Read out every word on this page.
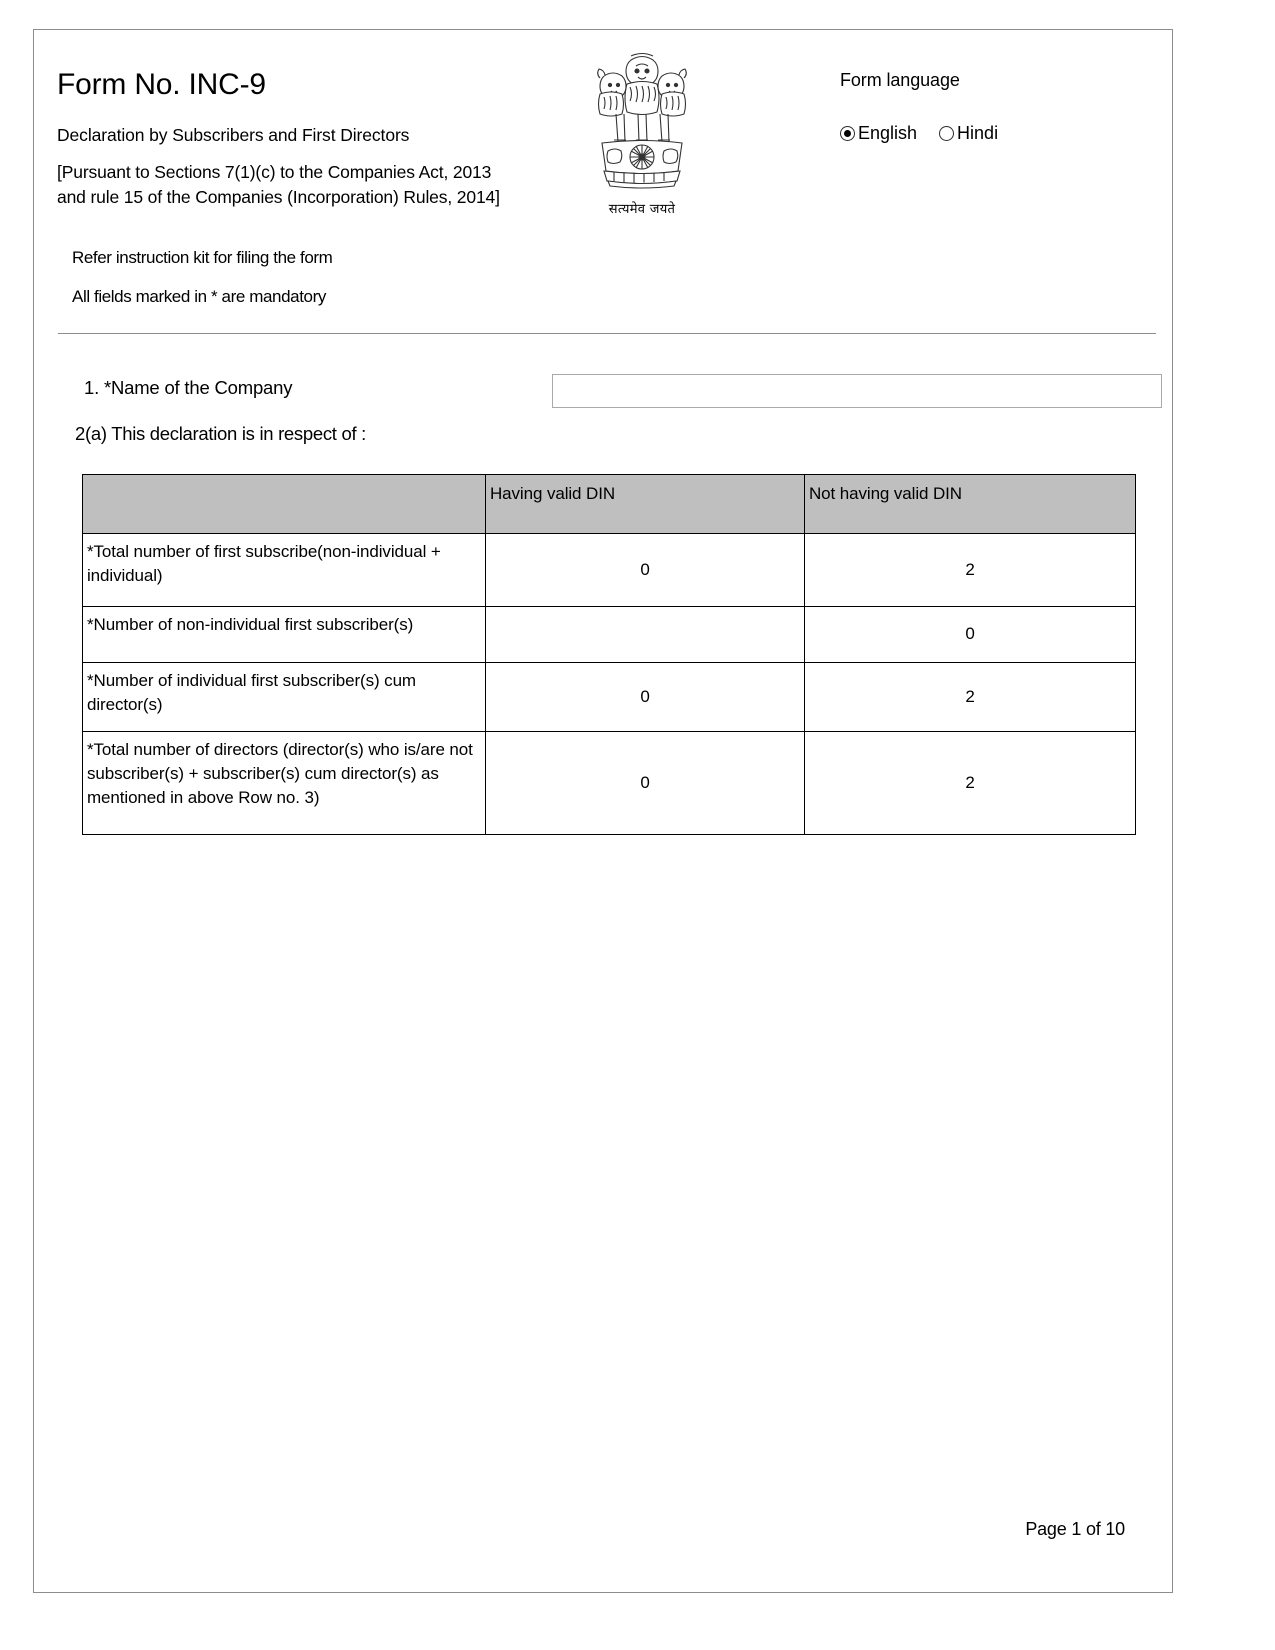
Form No. INC-9
Declaration by Subscribers and First Directors
[Pursuant to Sections 7(1)(c) to the Companies Act, 2013
and rule 15 of the Companies (Incorporation) Rules, 2014]
सत्यमेव जयते
Form language
English Hindi
Refer instruction kit for filing the form
All fields marked in * are mandatory
1. *Name of the Company
2(a) This declaration is in respect of :
	Having valid DIN	Not having valid DIN
*Total number of first subscribe(non-individual + individual)	0	2
*Number of non-individual first subscriber(s)		0
*Number of individual first subscriber(s) cum director(s)	0	2
*Total number of directors (director(s) who is/are not subscriber(s) + subscriber(s) cum director(s) as mentioned in above Row no. 3)	0	2
Page 1 of 10
